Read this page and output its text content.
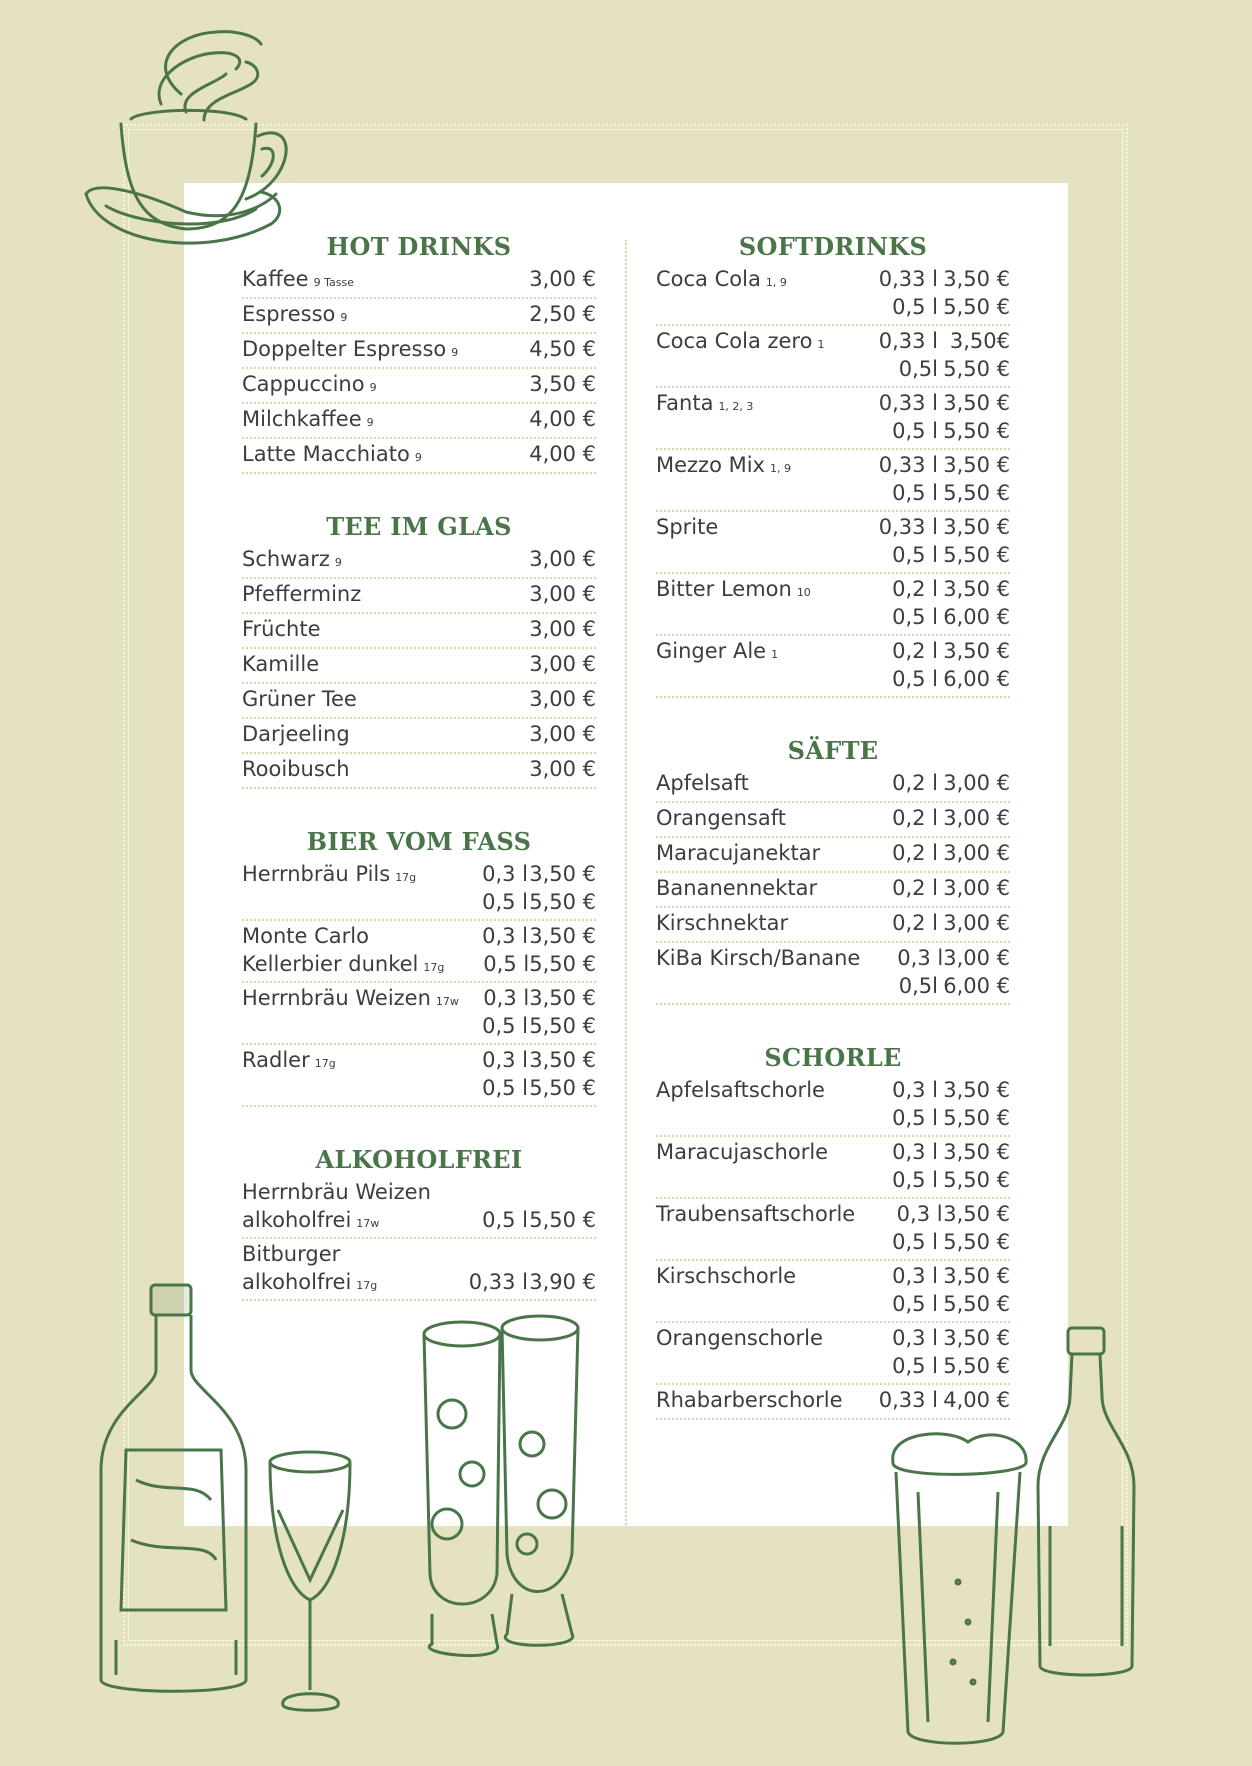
HOT DRINKS
Kaffee 9 Tasse	3,00 €
Espresso 9	2,50 €
Doppelter Espresso 9	4,50 €
Cappuccino 9	3,50 €
Milchkaffee 9	4,00 €
Latte Macchiato 9	4,00 €
TEE IM GLAS
Schwarz 9	3,00 €
Pfefferminz	3,00 €
Früchte	3,00 €
Kamille	3,00 €
Grüner Tee	3,00 €
Darjeeling	3,00 €
Rooibusch	3,00 €
BIER VOM FASS
Herrnbräu Pils 17g	0,3 l 3,50 €
0,5 l 5,50 €
Monte Carlo	0,3 l 3,50 €
Kellerbier dunkel 17g	0,5 l 5,50 €
Herrnbräu Weizen 17w	0,3 l 3,50 €
0,5 l 5,50 €
Radler 17g	0,3 l 3,50 €
0,5 l 5,50 €
ALKOHOLFREI
Herrnbräu Weizen
alkoholfrei 17w	0,5 l 5,50 €
Bitburger
alkoholfrei 17g	0,33 l 3,90 €
SOFTDRINKS
Coca Cola 1, 9	0,33 l 3,50 €
0,5 l 5,50 €
Coca Cola zero 1	0,33 l 3,50€
0,5l 5,50 €
Fanta 1, 2, 3	0,33 l 3,50 €
0,5 l 5,50 €
Mezzo Mix 1, 9	0,33 l 3,50 €
0,5 l 5,50 €
Sprite	0,33 l 3,50 €
0,5 l 5,50 €
Bitter Lemon 10	0,2 l 3,50 €
0,5 l 6,00 €
Ginger Ale 1	0,2 l 3,50 €
0,5 l 6,00 €
SÄFTE
Apfelsaft	0,2 l 3,00 €
Orangensaft	0,2 l 3,00 €
Maracujanektar	0,2 l 3,00 €
Bananennektar	0,2 l 3,00 €
Kirschnektar	0,2 l 3,00 €
KiBa Kirsch/Banane	0,3 l 3,00 €
0,5l 6,00 €
SCHORLE
Apfelsaftschorle	0,3 l 3,50 €
0,5 l 5,50 €
Maracujaschorle	0,3 l 3,50 €
0,5 l 5,50 €
Traubensaftschorle	0,3 l 3,50 €
0,5 l 5,50 €
Kirschschorle	0,3 l 3,50 €
0,5 l 5,50 €
Orangenschorle	0,3 l 3,50 €
0,5 l 5,50 €
Rhabarberschorle	0,33 l 4,00 €
